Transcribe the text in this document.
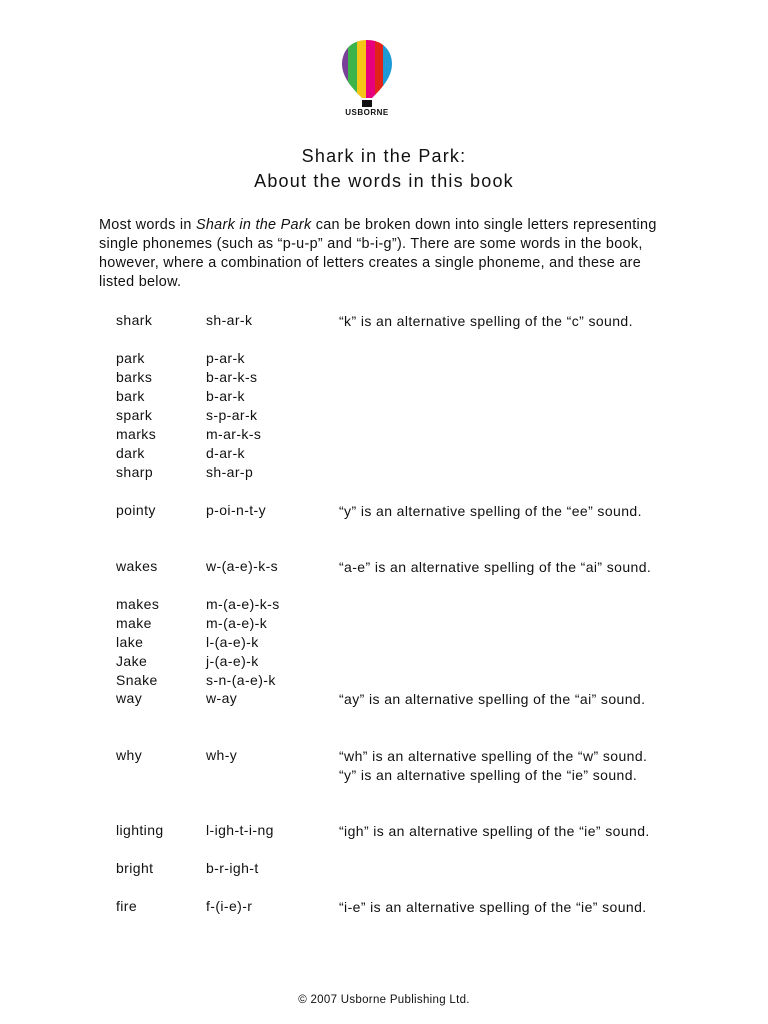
USBORNE
Shark in the Park:
About the words in this book
Most words in Shark in the Park can be broken down into single letters representing single phonemes (such as “p-u-p” and “b-i-g”). There are some words in the book, however, where a combination of letters creates a single phoneme, and these are listed below.
shark	sh-ar-k	“k” is an alternative spelling of the “c” sound.
park	p-ar-k
barks	b-ar-k-s
bark	b-ar-k
spark	s-p-ar-k
marks	m-ar-k-s
dark	d-ar-k
sharp	sh-ar-p
pointy	p-oi-n-t-y	“y” is an alternative spelling of the “ee” sound.
wakes	w-(a-e)-k-s	“a-e” is an alternative spelling of the “ai” sound.
makes	m-(a-e)-k-s
make	m-(a-e)-k
lake	l-(a-e)-k
Jake	j-(a-e)-k
Snake	s-n-(a-e)-k
way	w-ay	“ay” is an alternative spelling of the “ai” sound.
why	wh-y	“wh” is an alternative spelling of the “w” sound.
“y” is an alternative spelling of the “ie” sound.
lighting	l-igh-t-i-ng	“igh” is an alternative spelling of the “ie” sound.
bright	b-r-igh-t
fire	f-(i-e)-r	“i-e” is an alternative spelling of the “ie” sound.
© 2007 Usborne Publishing Ltd.
